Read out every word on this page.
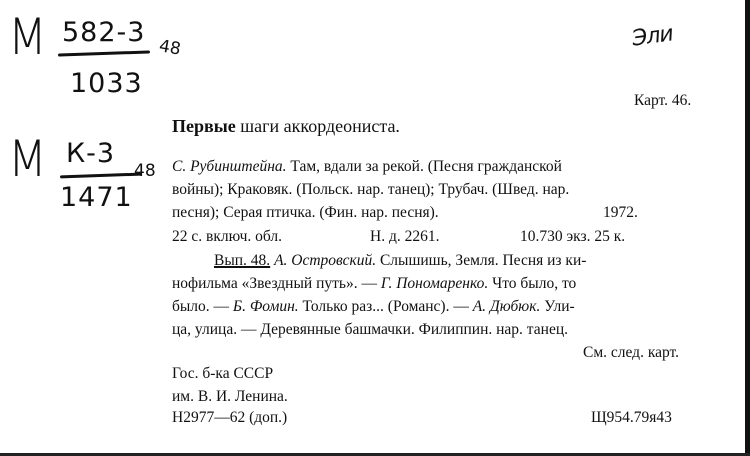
М 582-3
1033
48
М К-3
1471
48
Эли
Карт. 46.
Первые шаги аккордеониста.
С. Рубинштейна. Там, вдали за рекой. (Песня гражданской
войны); Краковяк. (Польск. нар. танец); Трубач. (Швед. нар.
песня); Серая птичка. (Фин. нар. песня).	1972.
22 с. включ. обл.	Н. д. 2261.	10.730 экз. 25 к.
Вып. 48. А. Островский. Слышишь, Земля. Песня из ки-
нофильма «Звездный путь». — Г. Пономаренко. Что было, то
было. — Б. Фомин. Только раз... (Романс). — А. Дюбюк. Ули-
ца, улица. — Деревянные башмачки. Филиппин. нар. танец.
См. след. карт.
Гос. б-ка СССР
им. В. И. Ленина.
Н2977—62 (доп.)	Щ954.79я43
